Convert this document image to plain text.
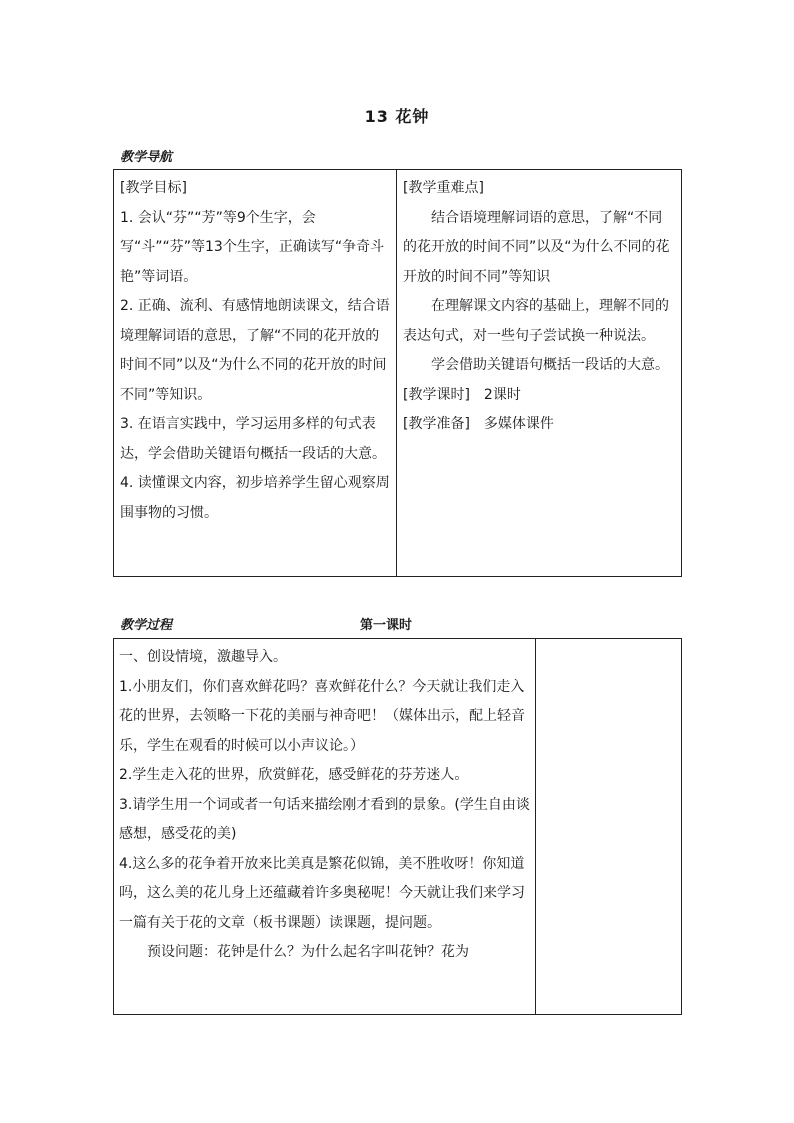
13 花钟
教学导航

[教学目标]

1. 会认“芬”“芳”等9个生字，会写“斗”“芬”等13个生字，正确读写“争奇斗艳”等词语。

2. 正确、流利、有感情地朗读课文，结合语境理解词语的意思，了解“不同的花开放的时间不同”以及“为什么不同的花开放的时间不同”等知识。

3. 在语言实践中，学习运用多样的句式表达，学会借助关键语句概括一段话的大意。

4. 读懂课文内容，初步培养学生留心观察周围事物的习惯。

[教学重难点]

结合语境理解词语的意思，了解“不同的花开放的时间不同”以及“为什么不同的花开放的时间不同”等知识

在理解课文内容的基础上，理解不同的表达句式，对一些句子尝试换一种说法。

学会借助关键语句概括一段话的大意。

[教学课时]　2课时

[教学准备]　多媒体课件

教学过程	第一课时

一、创设情境，激趣导入。

1.小朋友们，你们喜欢鲜花吗？喜欢鲜花什么？今天就让我们走入花的世界，去领略一下花的美丽与神奇吧！（媒体出示，配上轻音乐，学生在观看的时候可以小声议论。）

2.学生走入花的世界，欣赏鲜花，感受鲜花的芬芳迷人。

3.请学生用一个词或者一句话来描绘刚才看到的景象。(学生自由谈感想，感受花的美)

4.这么多的花争着开放来比美真是繁花似锦，美不胜收呀！你知道吗，这么美的花儿身上还蕴藏着许多奥秘呢！今天就让我们来学习一篇有关于花的文章（板书课题）读课题，提问题。

预设问题：花钟是什么？为什么起名字叫花钟？花为
